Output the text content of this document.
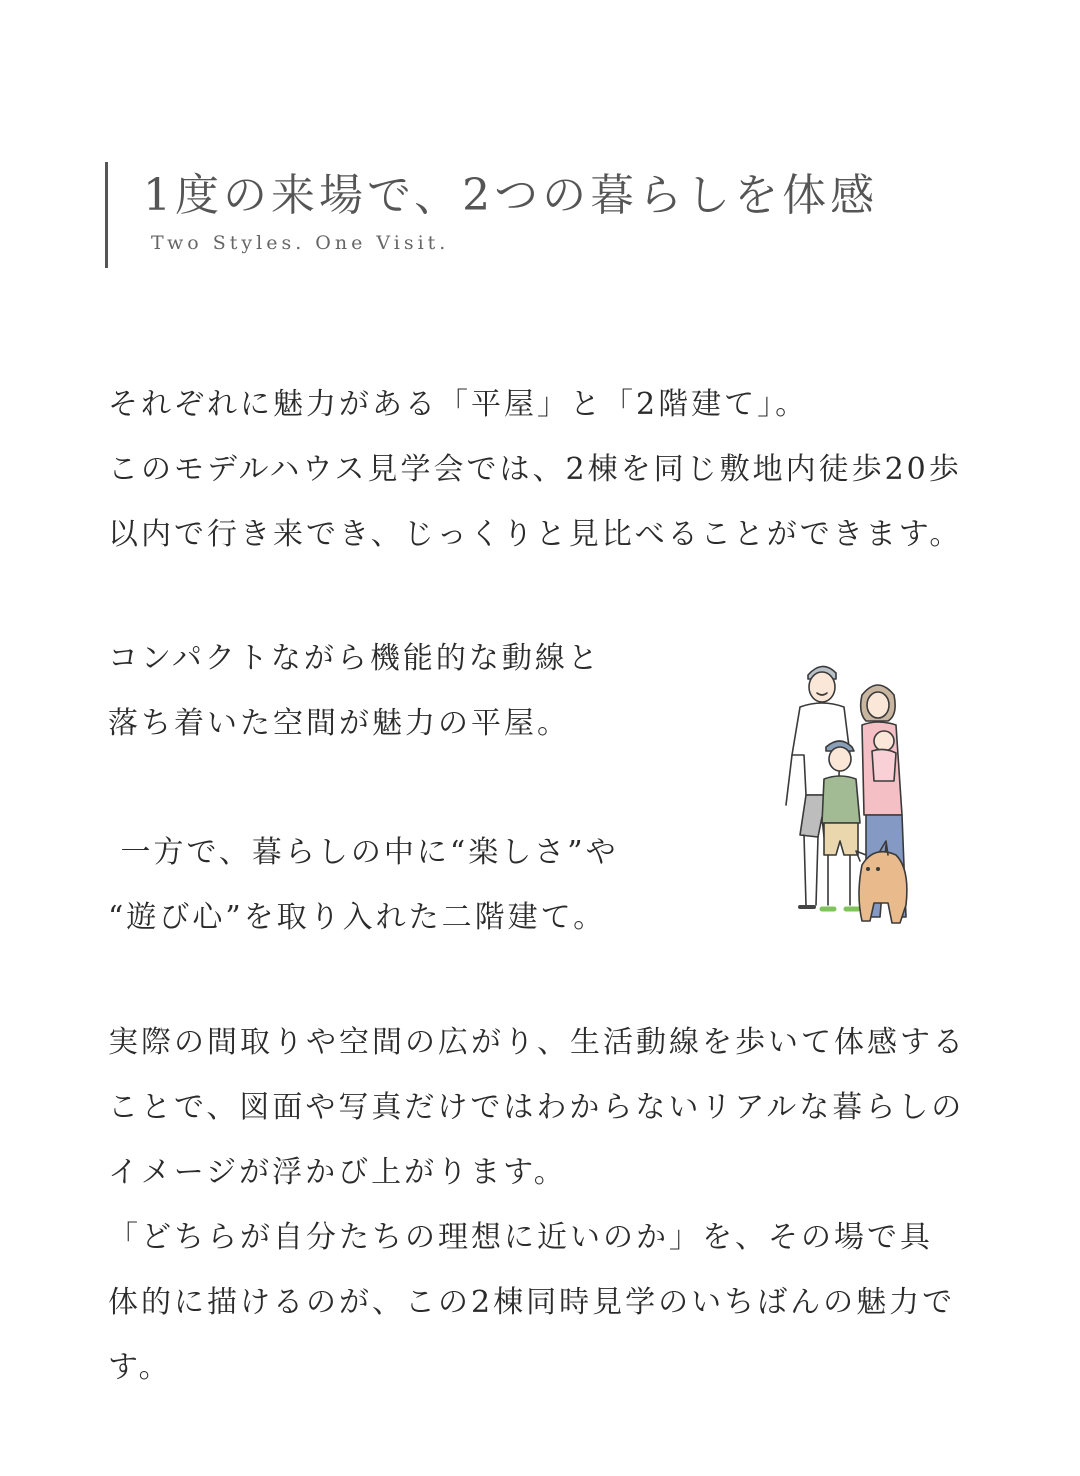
1度の来場で、2つの暮らしを体感
Two Styles. One Visit.

それぞれに魅力がある「平屋」と「2階建て」。
このモデルハウス見学会では、2棟を同じ敷地内徒歩20歩
以内で行き来でき、じっくりと見比べることができます。

コンパクトながら機能的な動線と
落ち着いた空間が魅力の平屋。

一方で、暮らしの中に“楽しさ”や
“遊び心”を取り入れた二階建て。

実際の間取りや空間の広がり、生活動線を歩いて体感する
ことで、図面や写真だけではわからないリアルな暮らしの
イメージが浮かび上がります。
「どちらが自分たちの理想に近いのか」を、その場で具
体的に描けるのが、この2棟同時見学のいちばんの魅力で
す。
